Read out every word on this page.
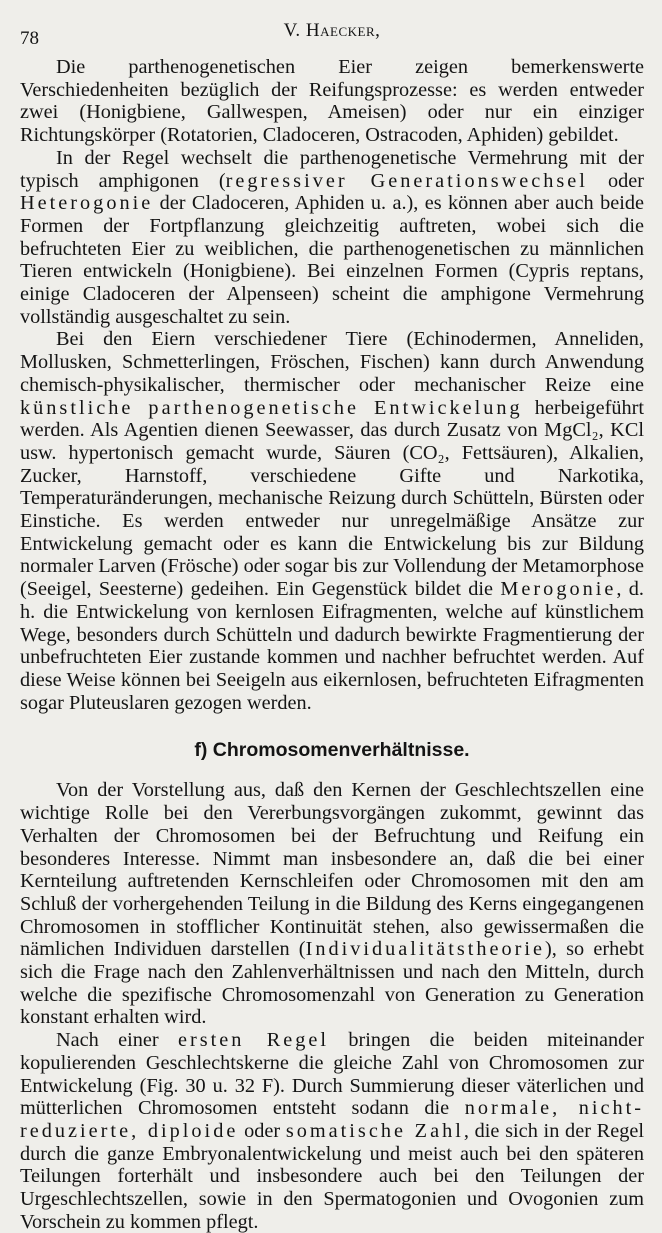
78	V. Haecker,

Die parthenogenetischen Eier zeigen bemerkenswerte Verschiedenheiten bezüglich der Reifungsprozesse: es werden entweder zwei (Honigbiene, Gallwespen, Ameisen) oder nur ein einziger Richtungskörper (Rotatorien, Cladoceren, Ostracoden, Aphiden) gebildet.

In der Regel wechselt die parthenogenetische Vermehrung mit der typisch amphigonen (regressiver Generationswechsel oder Heterogonie der Cladoceren, Aphiden u. a.), es können aber auch beide Formen der Fortpflanzung gleichzeitig auftreten, wobei sich die befruchteten Eier zu weiblichen, die parthenogenetischen zu männlichen Tieren entwickeln (Honigbiene). Bei einzelnen Formen (Cypris reptans, einige Cladoceren der Alpenseen) scheint die amphigone Vermehrung vollständig ausgeschaltet zu sein.

Bei den Eiern verschiedener Tiere (Echinodermen, Anneliden, Mollusken, Schmetterlingen, Fröschen, Fischen) kann durch Anwendung chemisch-physikalischer, thermischer oder mechanischer Reize eine künstliche parthenogenetische Entwickelung herbeigeführt werden. Als Agentien dienen Seewasser, das durch Zusatz von MgCl₂, KCl usw. hypertonisch gemacht wurde, Säuren (CO₂, Fettsäuren), Alkalien, Zucker, Harnstoff, verschiedene Gifte und Narkotika, Temperaturänderungen, mechanische Reizung durch Schütteln, Bürsten oder Einstiche. Es werden entweder nur unregelmäßige Ansätze zur Entwickelung gemacht oder es kann die Entwickelung bis zur Bildung normaler Larven (Frösche) oder sogar bis zur Vollendung der Metamorphose (Seeigel, Seesterne) gedeihen. Ein Gegenstück bildet die Merogonie, d. h. die Entwickelung von kernlosen Eifragmenten, welche auf künstlichem Wege, besonders durch Schütteln und dadurch bewirkte Fragmentierung der unbefruchteten Eier zustande kommen und nachher befruchtet werden. Auf diese Weise können bei Seeigeln aus eikernlosen, befruchteten Eifragmenten sogar Pluteuslaren gezogen werden.

f) Chromosomenverhältnisse.

Von der Vorstellung aus, daß den Kernen der Geschlechtszellen eine wichtige Rolle bei den Vererbungsvorgängen zukommt, gewinnt das Verhalten der Chromosomen bei der Befruchtung und Reifung ein besonderes Interesse. Nimmt man insbesondere an, daß die bei einer Kernteilung auftretenden Kernschleifen oder Chromosomen mit den am Schluß der vorhergehenden Teilung in die Bildung des Kerns eingegangenen Chromosomen in stofflicher Kontinuität stehen, also gewissermaßen die nämlichen Individuen darstellen (Individualitätstheorie), so erhebt sich die Frage nach den Zahlenverhältnissen und nach den Mitteln, durch welche die spezifische Chromosomenzahl von Generation zu Generation konstant erhalten wird.

Nach einer ersten Regel bringen die beiden miteinander kopulierenden Geschlechtskerne die gleiche Zahl von Chromosomen zur Entwickelung (Fig. 30 u. 32 F). Durch Summierung dieser väterlichen und mütterlichen Chromosomen entsteht sodann die normale, nicht-reduzierte, diploide oder somatische Zahl, die sich in der Regel durch die ganze Embryonalentwickelung und meist auch bei den späteren Teilungen forterhält und insbesondere auch bei den Teilungen der Urgeschlechtszellen, sowie in den Spermatogonien und Ovogonien zum Vorschein zu kommen pflegt.
